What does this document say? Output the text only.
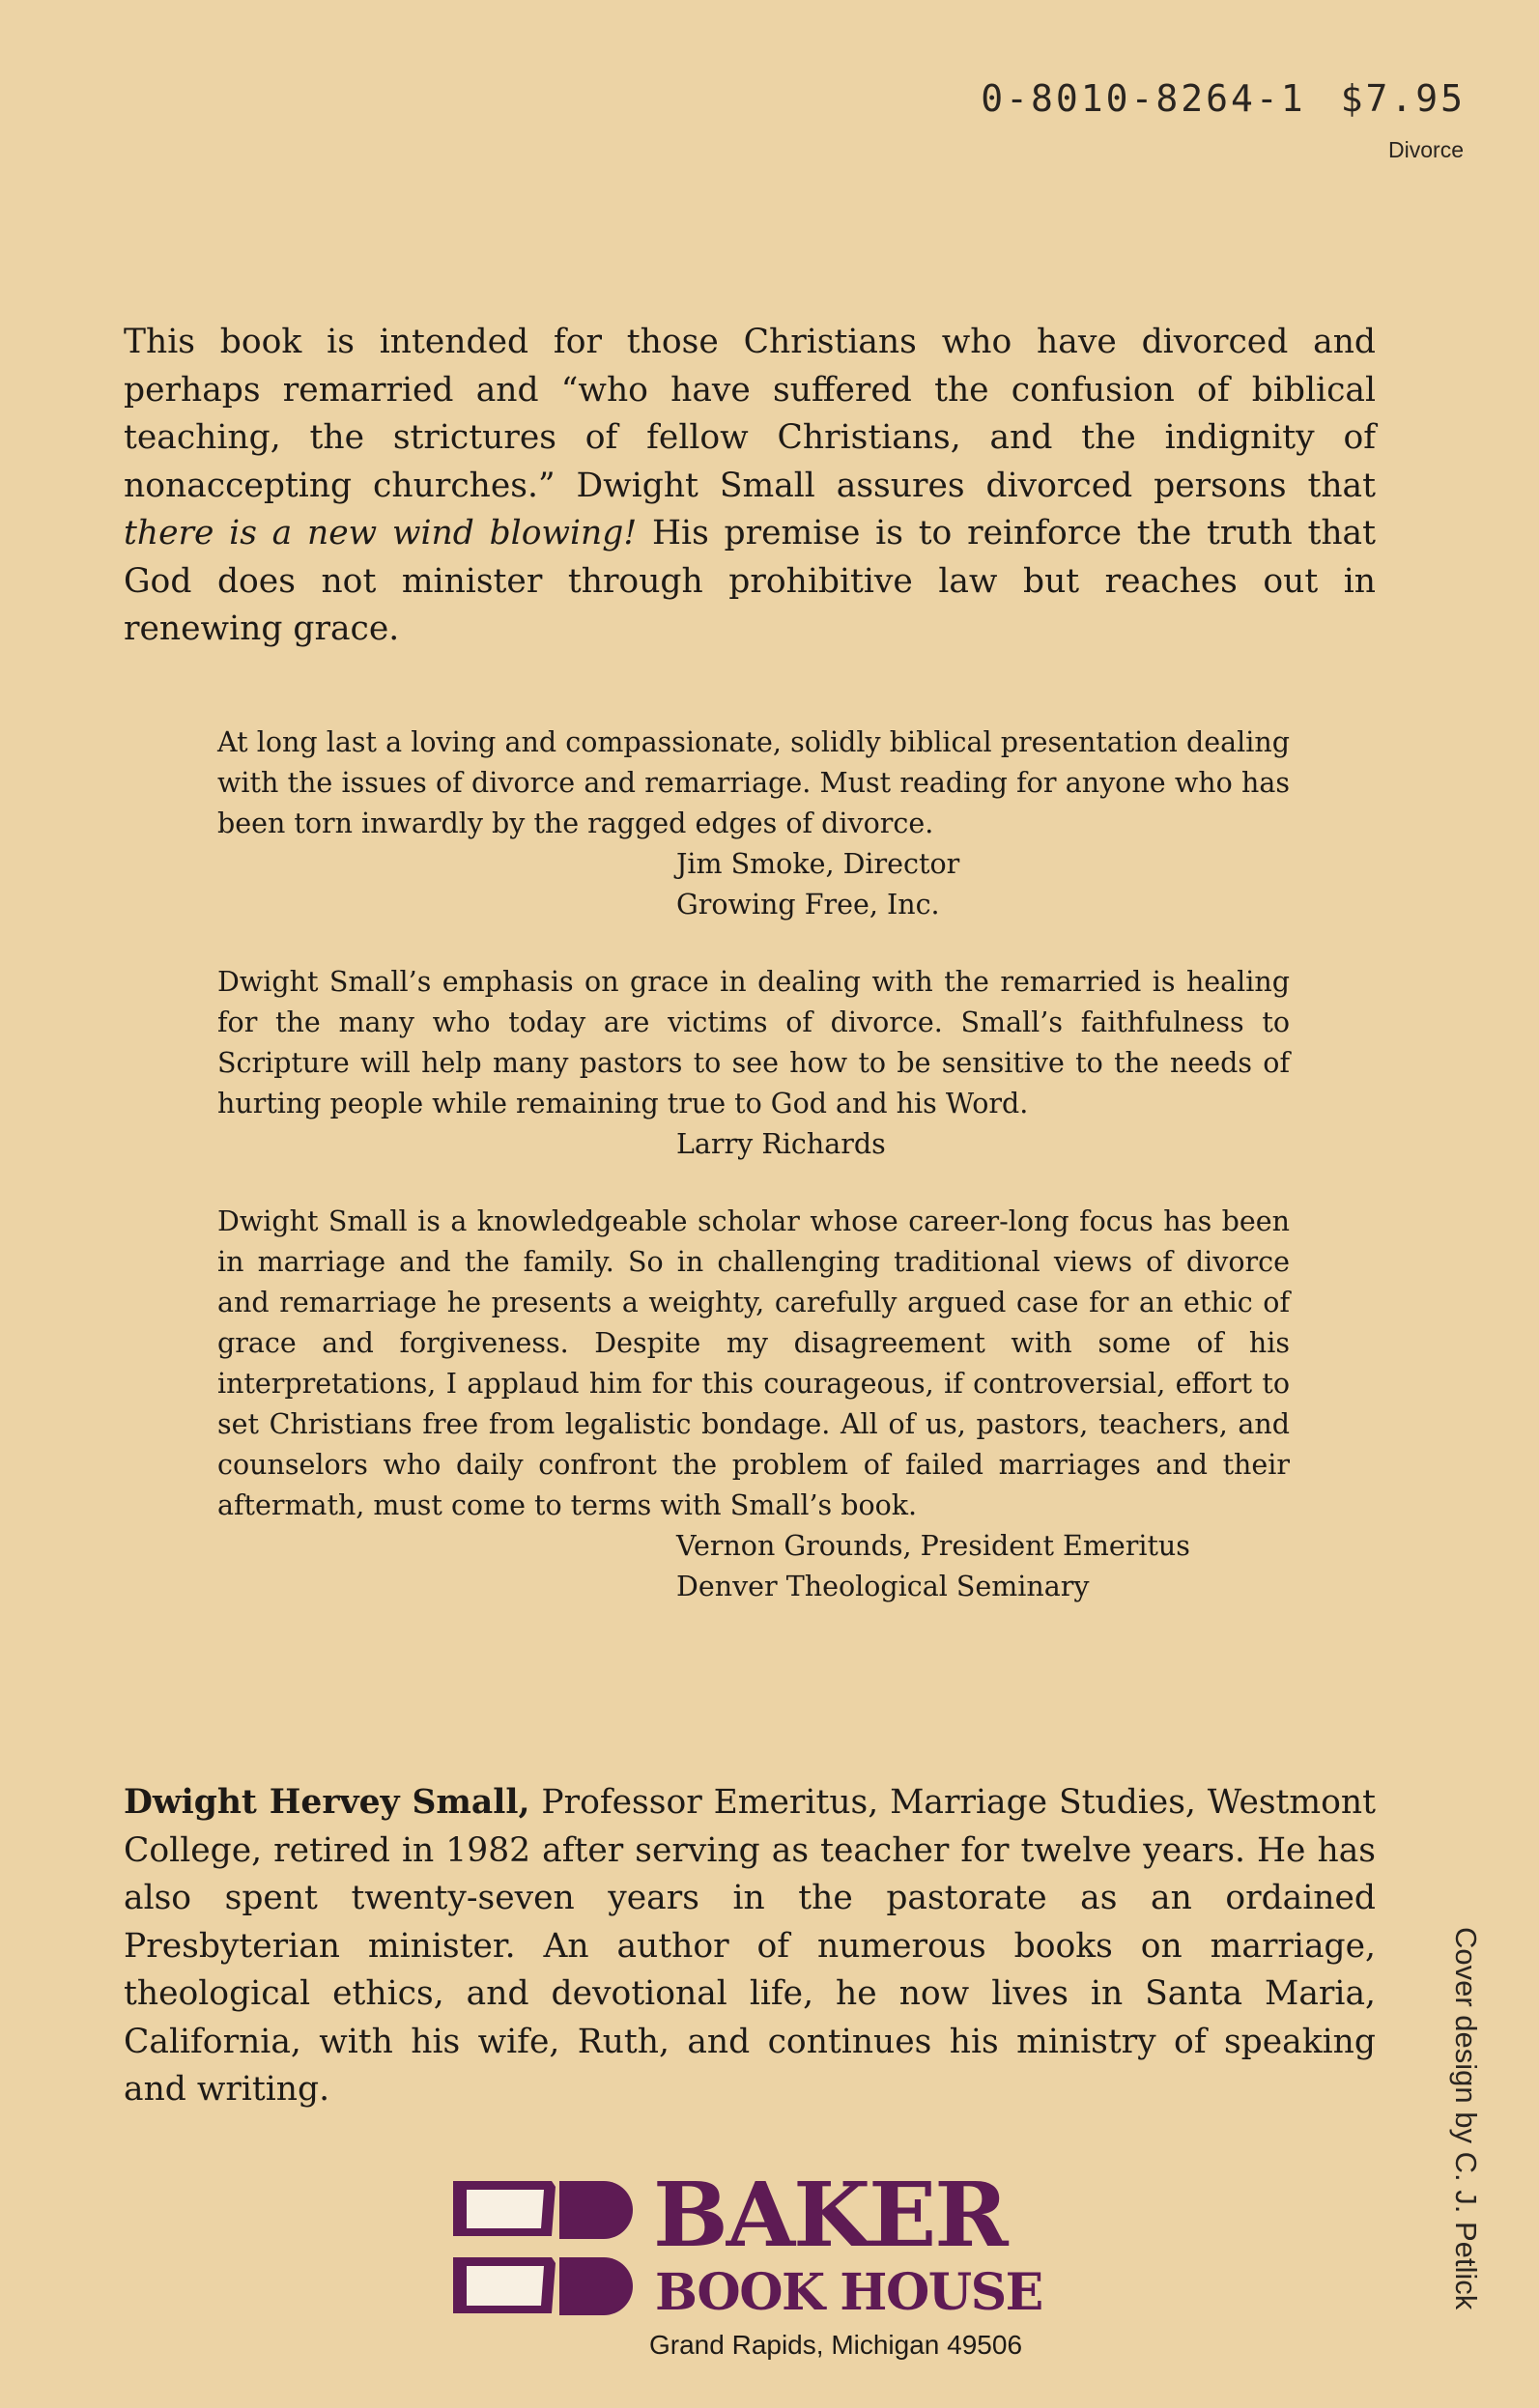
0-8010-8264-1 $7.95
Divorce

This book is intended for those Christians who have divorced and perhaps remarried and “who have suffered the confusion of biblical teaching, the strictures of fellow Christians, and the indignity of nonaccepting churches.” Dwight Small assures divorced persons that there is a new wind blowing! His premise is to reinforce the truth that God does not minister through prohibitive law but reaches out in renewing grace.

At long last a loving and compassionate, solidly biblical presentation dealing with the issues of divorce and remarriage. Must reading for anyone who has been torn inwardly by the ragged edges of divorce.

Jim Smoke, Director
Growing Free, Inc.

Dwight Small’s emphasis on grace in dealing with the remarried is healing for the many who today are victims of divorce. Small’s faithfulness to Scripture will help many pastors to see how to be sensitive to the needs of hurting people while remaining true to God and his Word.

Larry Richards

Dwight Small is a knowledgeable scholar whose career-long focus has been in marriage and the family. So in challenging traditional views of divorce and remarriage he presents a weighty, carefully argued case for an ethic of grace and forgiveness. Despite my disagreement with some of his interpretations, I applaud him for this courageous, if controversial, effort to set Christians free from legalistic bondage. All of us, pastors, teachers, and counselors who daily confront the problem of failed marriages and their aftermath, must come to terms with Small’s book.

Vernon Grounds, President Emeritus
Denver Theological Seminary

Dwight Hervey Small, Professor Emeritus, Marriage Studies, Westmont College, retired in 1982 after serving as teacher for twelve years. He has also spent twenty-seven years in the pastorate as an ordained Presbyterian minister. An author of numerous books on marriage, theological ethics, and devotional life, he now lives in Santa Maria, California, with his wife, Ruth, and continues his ministry of speaking and writing.	Cover design by C. J. Petlick
BAKER
BOOK HOUSE
Grand Rapids, Michigan 49506
